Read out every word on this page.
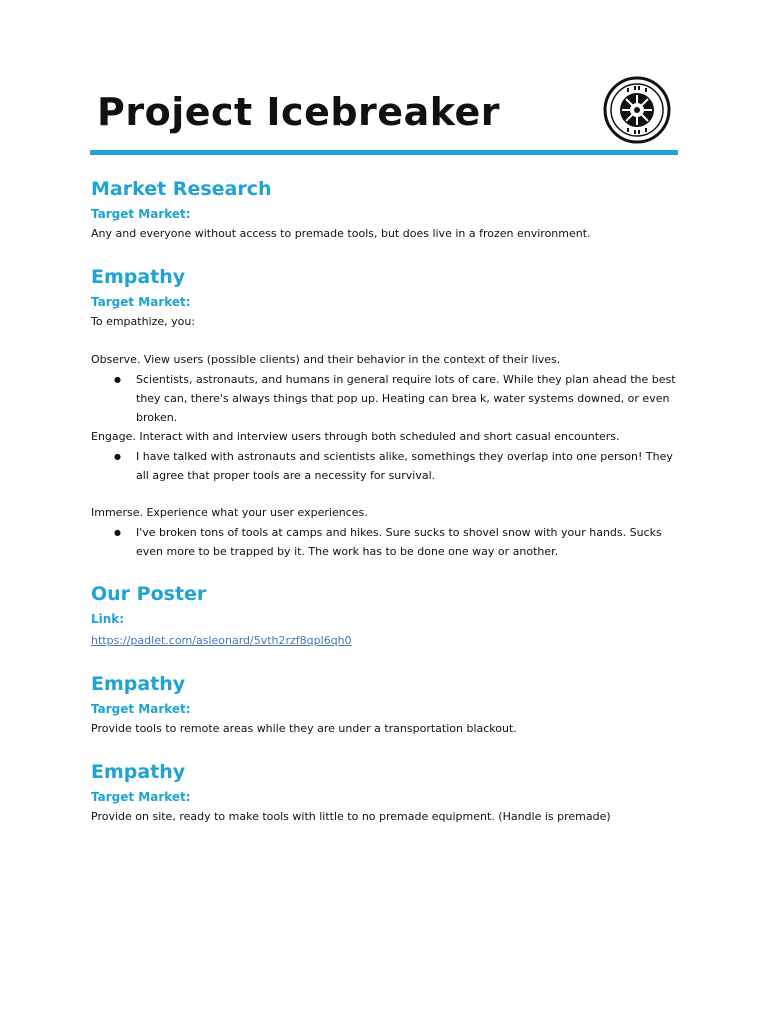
Project Icebreaker
Market Research
Target Market:

Any and everyone without access to premade tools, but does live in a frozen environment.

Empathy
Target Market:

To empathize, you:

Observe. View users (possible clients) and their behavior in the context of their lives.

● Scientists, astronauts, and humans in general require lots of care. While they plan ahead the best they can, there's always things that pop up. Heating can brea k, water systems downed, or even broken.

Engage. Interact with and interview users through both scheduled and short casual encounters.

● I have talked with astronauts and scientists alike, somethings they overlap into one person! They all agree that proper tools are a necessity for survival.

Immerse. Experience what your user experiences.

● I've broken tons of tools at camps and hikes. Sure sucks to shovel snow with your hands. Sucks even more to be trapped by it. The work has to be done one way or another.
Our Poster
Link:
https://padlet.com/asleonard/5vth2rzf8qpl6qh0
Empathy
Target Market:

Provide tools to remote areas while they are under a transportation blackout.

Empathy
Target Market:

Provide on site, ready to make tools with little to no premade equipment. (Handle is premade)
